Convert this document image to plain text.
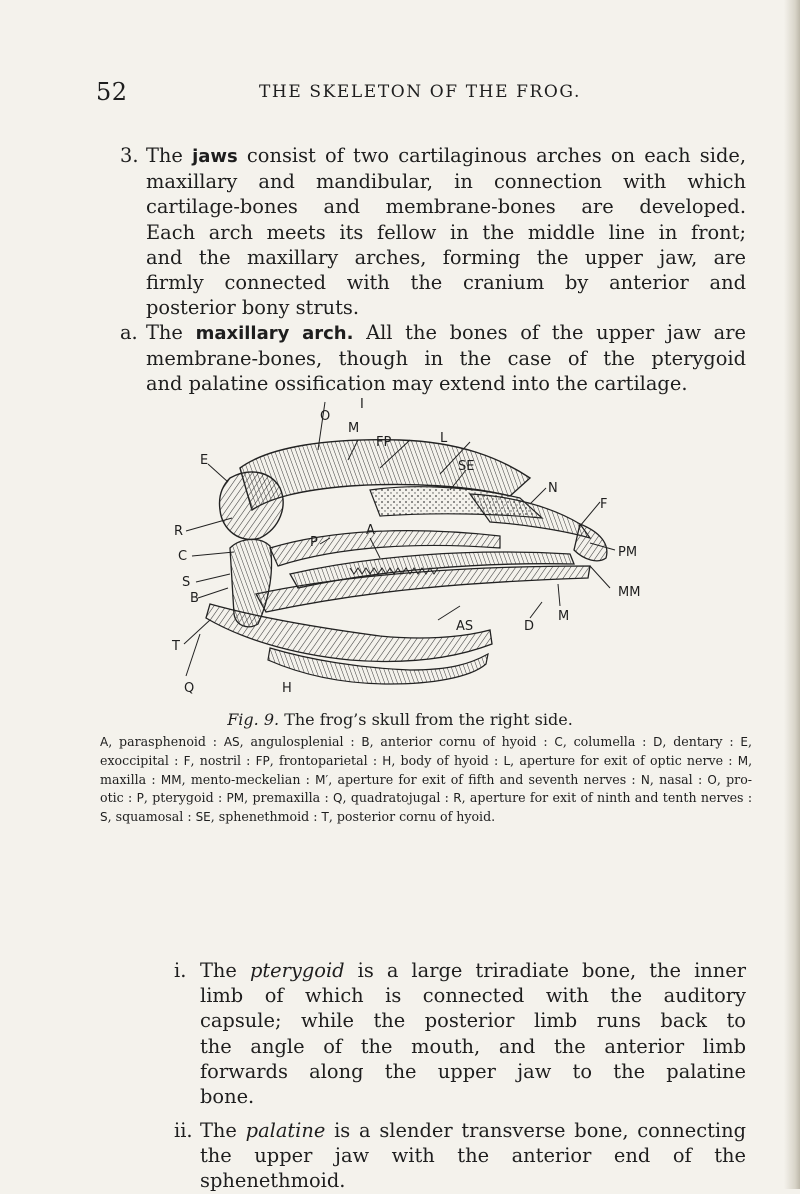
52	THE SKELETON OF THE FROG.
3. The jaws consist of two cartilaginous arches on each side,
maxillary and mandibular, in connection with which
cartilage-bones and membrane-bones are developed.
Each arch meets its fellow in the middle line in front;
and the maxillary arches, forming the upper jaw, are
firmly connected with the cranium by anterior and
posterior bony struts.
a. The maxillary arch. All the bones of the upper jaw are
membrane-bones, though in the case of the pterygoid
and palatine ossification may extend into the cartilage.
O
M
I
FP	L
E	SE
N
F
R
C
P
A
PM
S
B	MM
AS	D
M
T
Q	H
Fig. 9. The frog’s skull from the right side.
A, parasphenoid : AS, angulosplenial : B, anterior cornu of hyoid : C, columella : D, dentary : E, exoccipital : F, nostril : FP, frontoparietal : H, body of hyoid : L, aperture for exit of optic nerve : M, maxilla : MM, mento-meckelian : M′, aperture for exit of fifth and seventh nerves : N, nasal : O, pro-otic : P, pterygoid : PM, premaxilla : Q, quadratojugal : R, aperture for exit of ninth and tenth nerves : S, squamosal : SE, sphenethmoid : T, posterior cornu of hyoid.
i. The pterygoid is a large triradiate bone, the inner
limb of which is connected with the auditory
capsule; while the posterior limb runs back to
the angle of the mouth, and the anterior limb
forwards along the upper jaw to the palatine
bone.
ii. The palatine is a slender transverse bone, connecting
the upper jaw with the anterior end of the
sphenethmoid.
